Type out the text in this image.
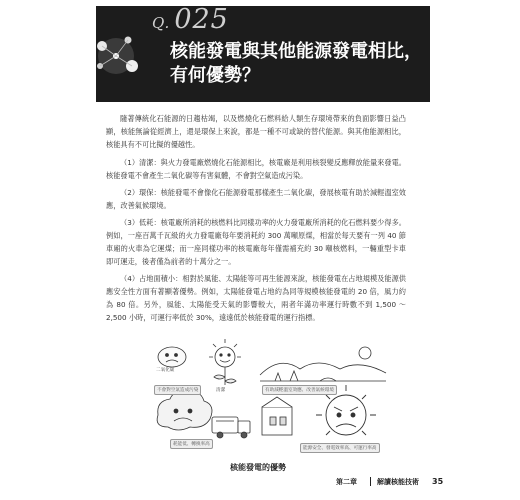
Q. 025
核能發電與其他能源發電相比，
有何優勢？
隨著傳統化石能源的日趨枯竭，以及燃燒化石燃料給人類生存環境帶來的負面影響日益凸顯，核能無論從經濟上，還是環保上來說，都是一種不可或缺的替代能源。與其他能源相比，核能具有不可比擬的優越性。
（1）清潔：與火力發電廠燃燒化石能源相比，核電廠是利用核裂變反應釋放能量來發電。核能發電不會產生二氧化碳等有害氣體，不會對空氣造成污染。
（2）環保：核能發電不會像化石能源發電那樣產生二氧化碳，發展核電有助於減輕溫室效應，改善氣候環境。
（3）低耗：核電廠所消耗的核燃料比同樣功率的火力發電廠所消耗的化石燃料要少得多。例如，一座百萬千瓦級的火力發電廠每年要消耗約 300 萬噸原煤，相當於每天要有一列 40 節車廂的火車為它運煤；而一座同樣功率的核電廠每年僅需補充約 30 噸核燃料，一輛重型卡車即可運走，後者僅為前者的十萬分之一。
（4）占地面積小：相對於風能、太陽能等可再生能源來說，核能發電在占地規模及能源供應安全性方面有著顯著優勢。例如，太陽能發電占地約為同等規模核能發電的 20 倍，風力約為 80 倍。另外，風能、太陽能受天氣的影響較大，兩者年滿功率運行時數不到 1,500 ～ 2,500 小時，可運行率低於 30%，遠遠低於核能發電的運行指標。
二氧化碳
清潔
不會對空氣造成污染	有助減輕溫室效應、改善氣候環境
耗能低、轉換率高
能源安全、發電效率高、可運行率高
核能發電的優勢
第二章	解讀核能技術 35
